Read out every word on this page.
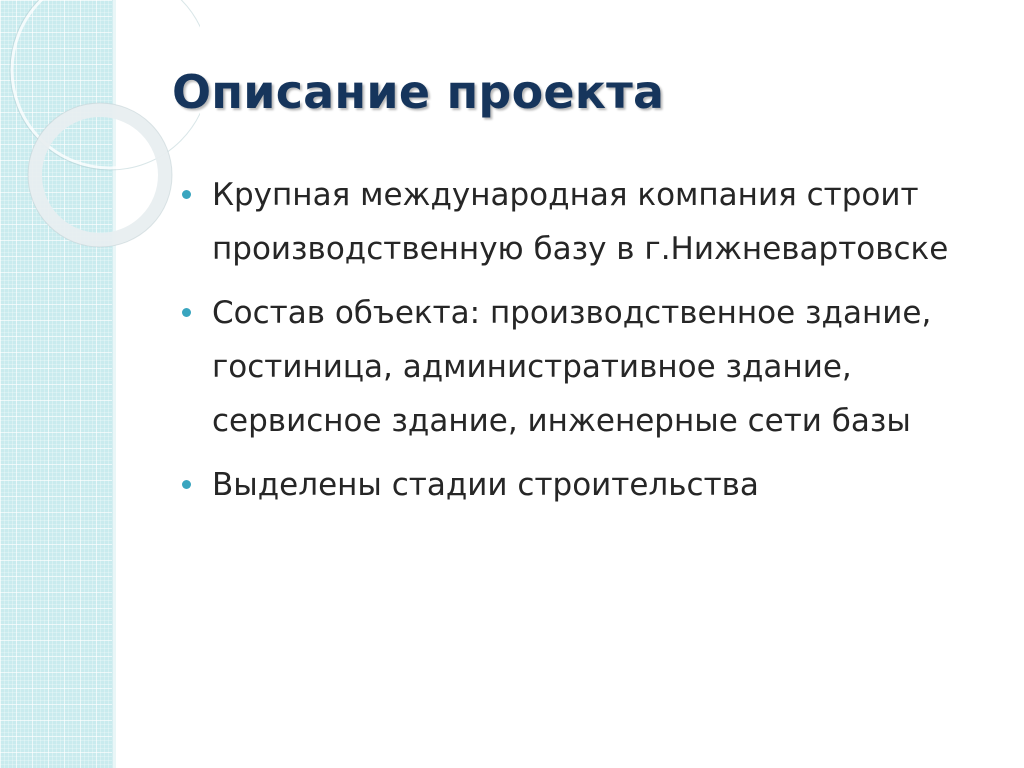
Описание проекта
Крупная международная компания строит производственную базу в г.Нижневартовске
Состав объекта: производственное здание, гостиница, административное здание, сервисное здание, инженерные сети базы
Выделены стадии строительства
